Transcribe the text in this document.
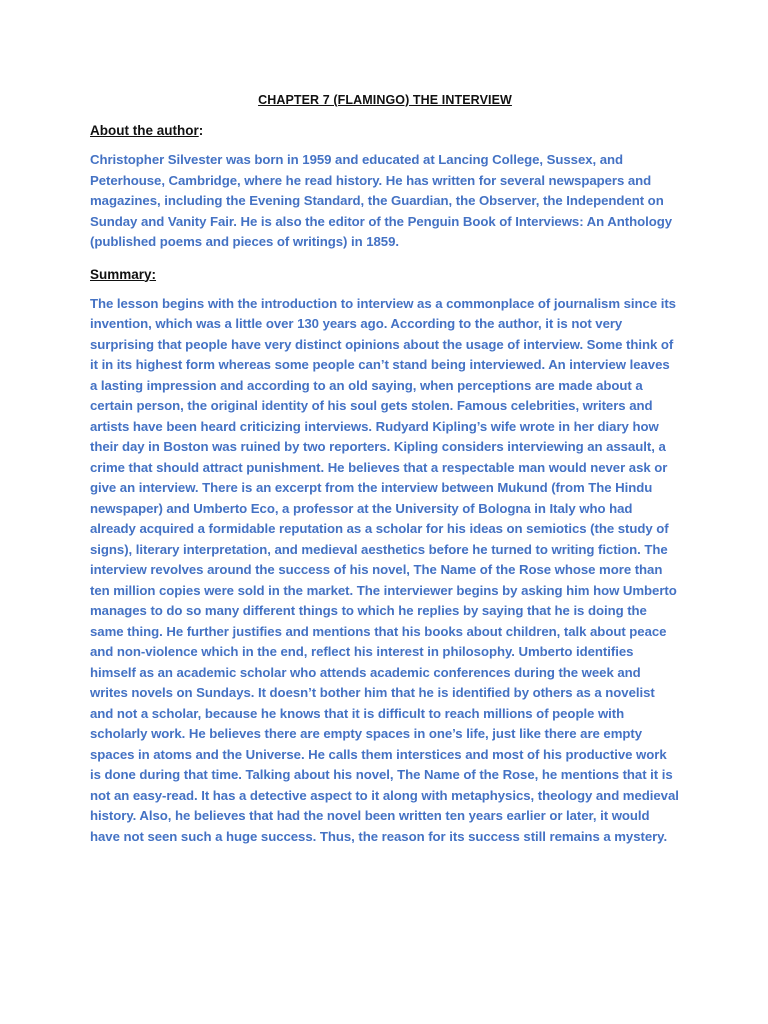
CHAPTER 7 (FLAMINGO) THE INTERVIEW
About the author:

Christopher Silvester was born in 1959 and educated at Lancing College, Sussex, and Peterhouse, Cambridge, where he read history. He has written for several newspapers and magazines, including the Evening Standard, the Guardian, the Observer, the Independent on Sunday and Vanity Fair. He is also the editor of the Penguin Book of Interviews: An Anthology (published poems and pieces of writings) in 1859.

Summary:

The lesson begins with the introduction to interview as a commonplace of journalism since its invention, which was a little over 130 years ago. According to the author, it is not very surprising that people have very distinct opinions about the usage of interview. Some think of it in its highest form whereas some people can’t stand being interviewed. An interview leaves a lasting impression and according to an old saying, when perceptions are made about a certain person, the original identity of his soul gets stolen. Famous celebrities, writers and artists have been heard criticizing interviews. Rudyard Kipling’s wife wrote in her diary how their day in Boston was ruined by two reporters. Kipling considers interviewing an assault, a crime that should attract punishment. He believes that a respectable man would never ask or give an interview. There is an excerpt from the interview between Mukund (from The Hindu newspaper) and Umberto Eco, a professor at the University of Bologna in Italy who had already acquired a formidable reputation as a scholar for his ideas on semiotics (the study of signs), literary interpretation, and medieval aesthetics before he turned to writing fiction. The interview revolves around the success of his novel, The Name of the Rose whose more than ten million copies were sold in the market. The interviewer begins by asking him how Umberto manages to do so many different things to which he replies by saying that he is doing the same thing. He further justifies and mentions that his books about children, talk about peace and non-violence which in the end, reflect his interest in philosophy. Umberto identifies himself as an academic scholar who attends academic conferences during the week and writes novels on Sundays. It doesn’t bother him that he is identified by others as a novelist and not a scholar, because he knows that it is difficult to reach millions of people with scholarly work. He believes there are empty spaces in one’s life, just like there are empty spaces in atoms and the Universe. He calls them interstices and most of his productive work is done during that time. Talking about his novel, The Name of the Rose, he mentions that it is not an easy-read. It has a detective aspect to it along with metaphysics, theology and medieval history. Also, he believes that had the novel been written ten years earlier or later, it would have not seen such a huge success. Thus, the reason for its success still remains a mystery.
